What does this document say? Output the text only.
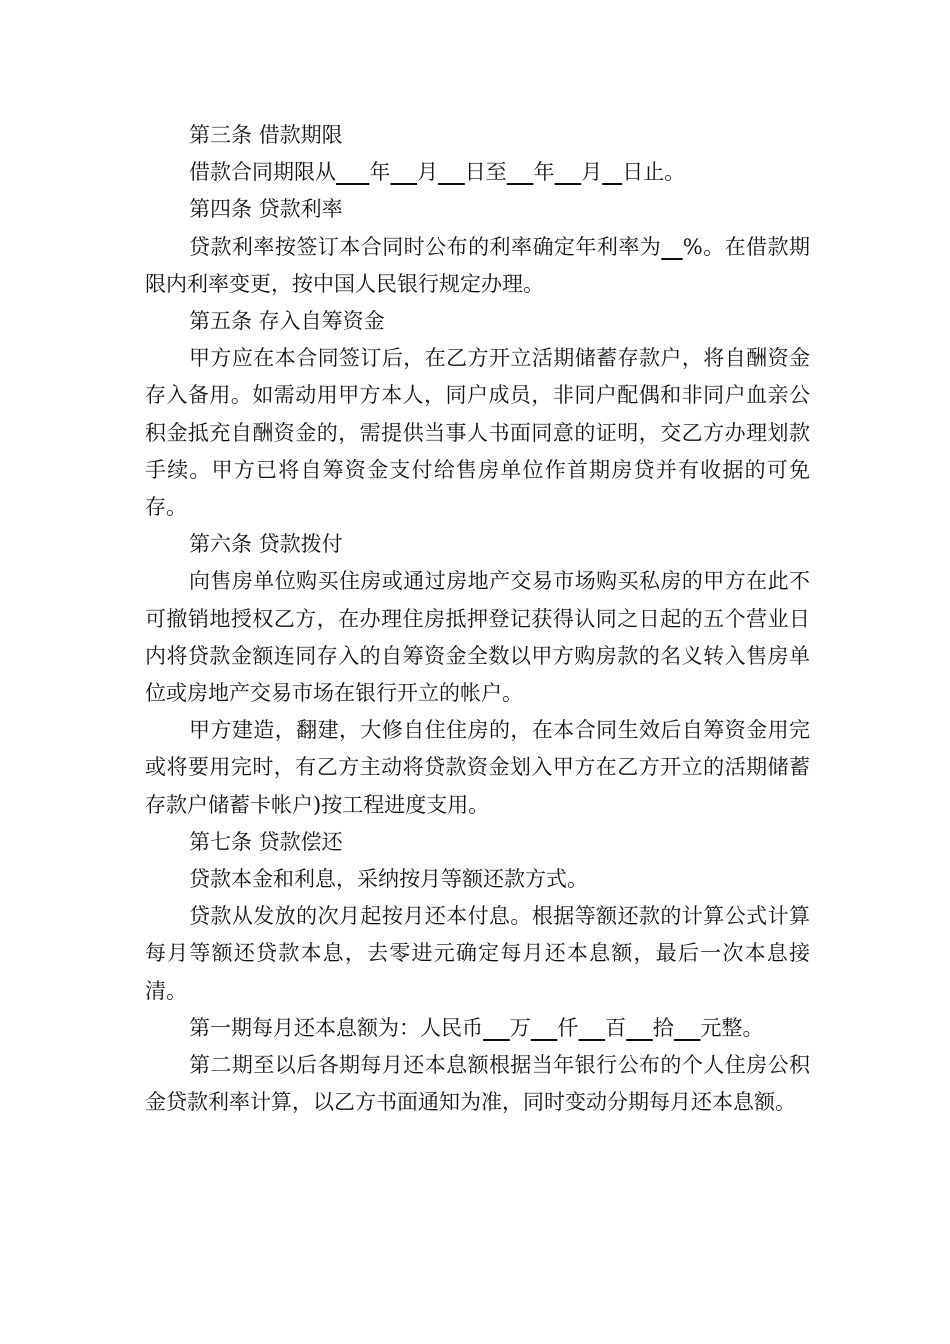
第三条 借款期限

借款合同期限从 年 月 日至 年 月 日止。

第四条 贷款利率

贷款利率按签订本合同时公布的利率确定年利率为 %。在借款期限内利率变更，按中国人民银行规定办理。

第五条 存入自筹资金

甲方应在本合同签订后，在乙方开立活期储蓄存款户，将自酬资金存入备用。如需动用甲方本人，同户成员，非同户配偶和非同户血亲公积金抵充自酬资金的，需提供当事人书面同意的证明，交乙方办理划款手续。甲方已将自筹资金支付给售房单位作首期房贷并有收据的可免存。

第六条 贷款拨付

向售房单位购买住房或通过房地产交易市场购买私房的甲方在此不可撤销地授权乙方，在办理住房抵押登记获得认同之日起的五个营业日内将贷款金额连同存入的自筹资金全数以甲方购房款的名义转入售房单位或房地产交易市场在银行开立的帐户。

甲方建造，翻建，大修自住住房的，在本合同生效后自筹资金用完或将要用完时，有乙方主动将贷款资金划入甲方在乙方开立的活期储蓄存款户储蓄卡帐户)按工程进度支用。

第七条 贷款偿还

贷款本金和利息，采纳按月等额还款方式。

贷款从发放的次月起按月还本付息。根据等额还款的计算公式计算每月等额还贷款本息，去零进元确定每月还本息额，最后一次本息接清。

第一期每月还本息额为：人民币 万 仟 百 拾 元整。

第二期至以后各期每月还本息额根据当年银行公布的个人住房公积金贷款利率计算，以乙方书面通知为准，同时变动分期每月还本息额。
